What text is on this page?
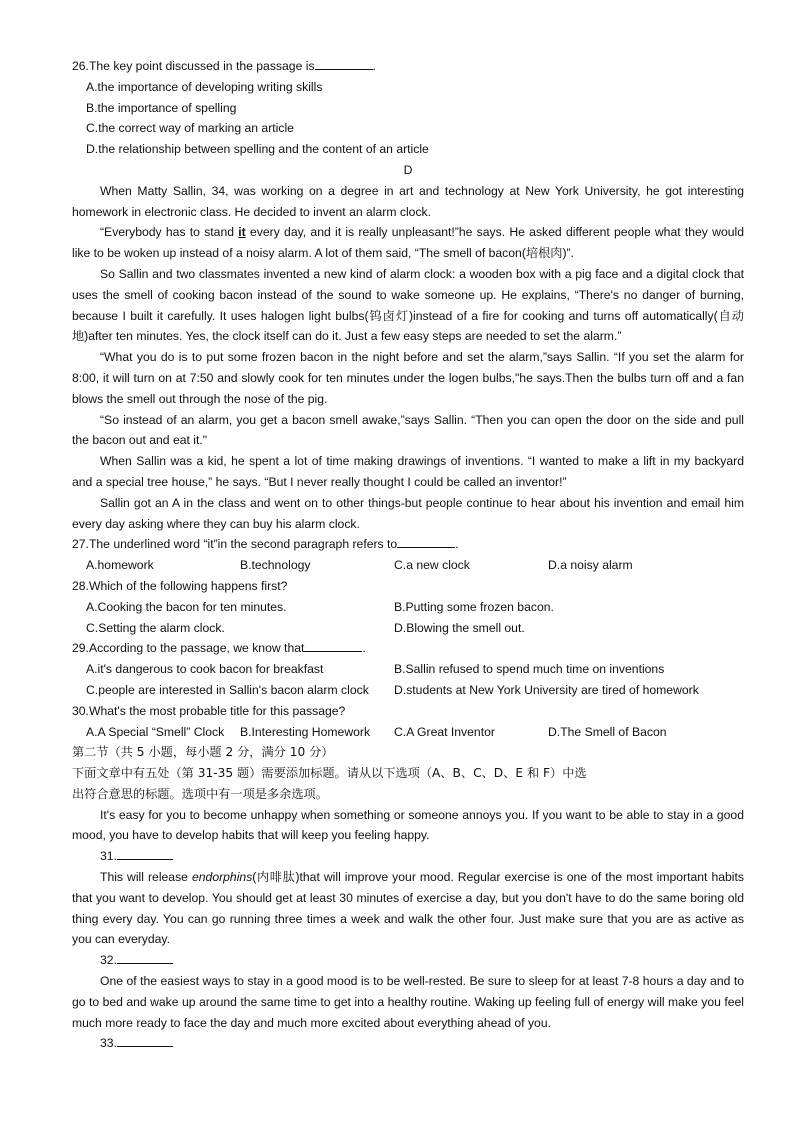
26.The key point discussed in the passage is	.
A.the importance of developing writing skills
B.the importance of spelling
C.the correct way of marking an article
D.the relationship between spelling and the content of an article
D
When Matty Sallin, 34, was working on a degree in art and technology at New York University, he got interesting homework in electronic class. He decided to invent an alarm clock.
“Everybody has to stand it every day, and it is really unpleasant!”he says. He asked different people what they would like to be woken up instead of a noisy alarm. A lot of them said, “The smell of bacon(培根肉)”.
So Sallin and two classmates invented a new kind of alarm clock: a wooden box with a pig face and a digital clock that uses the smell of cooking bacon instead of the sound to wake someone up. He explains, “There's no danger of burning, because I built it carefully. It uses halogen light bulbs(钨卤灯)instead of a fire for cooking and turns off automatically(自动地)after ten minutes. Yes, the clock itself can do it. Just a few easy steps are needed to set the alarm.”
“What you do is to put some frozen bacon in the night before and set the alarm,”says Sallin. “If you set the alarm for 8:00, it will turn on at 7:50 and slowly cook for ten minutes under the logen bulbs,"he says.Then the bulbs turn off and a fan blows the smell out through the nose of the pig.
“So instead of an alarm, you get a bacon smell awake,”says Sallin. “Then you can open the door on the side and pull the bacon out and eat it."
When Sallin was a kid, he spent a lot of time making drawings of inventions. “I wanted to make a lift in my backyard and a special tree house,” he says. “But I never really thought I could be called an inventor!”
Sallin got an A in the class and went on to other things-but people continue to hear about his invention and email him every day asking where they can buy his alarm clock.
27.The underlined word “it”in the second paragraph refers to	.
A.homework	B.technology	C.a new clock	D.a noisy alarm
28.Which of the following happens first?
A.Cooking the bacon for ten minutes.	B.Putting some frozen bacon.
C.Setting the alarm clock.	D.Blowing the smell out.
29.According to the passage, we know that	.
A.it's dangerous to cook bacon for breakfast	B.Sallin refused to spend much time on inventions
C.people are interested in Sallin's bacon alarm clock	D.students at New York University are tired of homework
30.What's the most probable title for this passage?
A.A Special “Smell” Clock	B.Interesting Homework	C.A Great Inventor	D.The Smell of Bacon
第二节（共 5 小题，每小题 2 分，满分 10 分）
下面文章中有五处（第 31-35 题）需要添加标题。请从以下选项（A、B、C、D、E 和 F）中选
出符合意思的标题。选项中有一项是多余选项。
It's easy for you to become unhappy when something or someone annoys you. If you want to be able to stay in a good mood, you have to develop habits that will keep you feeling happy.
31.
This will release endorphins(内啡肽)that will improve your mood. Regular exercise is one of the most important habits that you want to develop. You should get at least 30 minutes of exercise a day, but you don't have to do the same boring old thing every day. You can go running three times a week and walk the other four. Just make sure that you are as active as you can everyday.
32.
One of the easiest ways to stay in a good mood is to be well-rested. Be sure to sleep for at least 7-8 hours a day and to go to bed and wake up around the same time to get into a healthy routine. Waking up feeling full of energy will make you feel much more ready to face the day and much more excited about everything ahead of you.
33.
